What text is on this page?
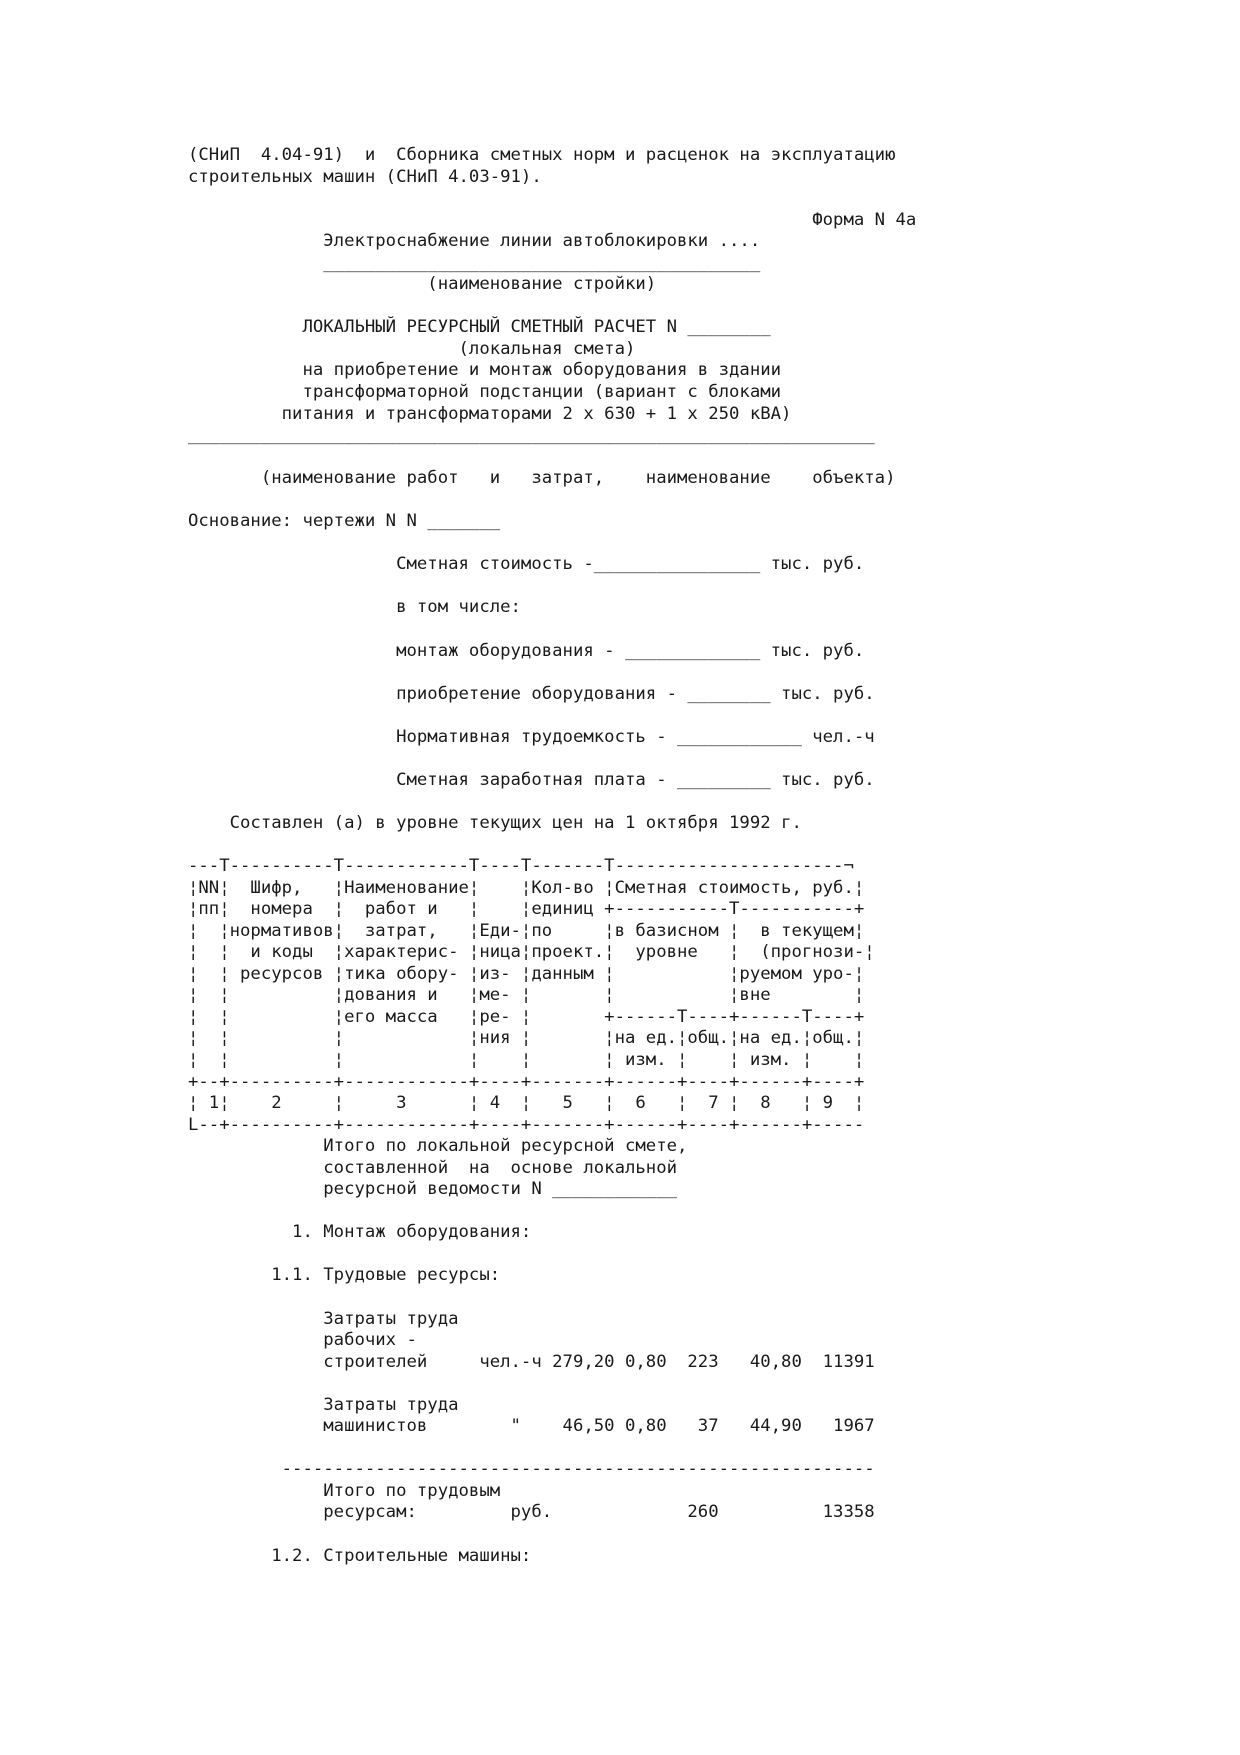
(СНиП  4.04-91)  и  Сборника сметных норм и расценок на эксплуатацию
строительных машин (СНиП 4.03-91).

Форма N 4a
Электроснабжение линии автоблокировки ....
__________________________________________
(наименование стройки)

ЛОКАЛЬНЫЙ РЕСУРСНЫЙ СМЕТНЫЙ РАСЧЕТ N ________
(локальная смета)
на приобретение и монтаж оборудования в здании
трансформаторной подстанции (вариант с блоками
питания и трансформаторами 2 х 630 + 1 х 250 кВА)
__________________________________________________________________

(наименование работ   и   затрат,    наименование    объекта)

Основание: чертежи N N _______

Сметная стоимость -________________ тыс. руб.

в том числе:

монтаж оборудования - _____________ тыс. руб.

приобретение оборудования - ________ тыс. руб.

Нормативная трудоемкость - ____________ чел.-ч

Сметная заработная плата - _________ тыс. руб.

Составлен (а) в уровне текущих цен на 1 октября 1992 г.

---T----------T------------T----T-------T----------------------¬
¦NN¦  Шифр,   ¦Наименование¦    ¦Кол-во ¦Сметная стоимость, руб.¦
¦пп¦  номера  ¦  работ и   ¦    ¦единиц +-----------T-----------+
¦  ¦нормативов¦  затрат,   ¦Еди-¦по     ¦в базисном ¦  в текущем¦
¦  ¦  и коды  ¦характерис- ¦ница¦проект.¦  уровне   ¦  (прогнози-¦
¦  ¦ ресурсов ¦тика обору- ¦из- ¦данным ¦           ¦руемом уро-¦
¦  ¦          ¦дования и   ¦ме- ¦       ¦           ¦вне        ¦
¦  ¦          ¦его масса   ¦ре- ¦       +------T----+------T----+
¦  ¦          ¦            ¦ния ¦       ¦на ед.¦общ.¦на ед.¦общ.¦
¦  ¦          ¦            ¦    ¦       ¦ изм. ¦    ¦ изм. ¦    ¦
+--+----------+------------+----+-------+------+----+------+----+
¦ 1¦    2     ¦     3      ¦ 4  ¦   5   ¦  6   ¦  7 ¦  8   ¦ 9  ¦
L--+----------+------------+----+-------+------+----+------+-----
Итого по локальной ресурсной смете,
составленной  на  основе локальной
ресурсной ведомости N ____________

1. Монтаж оборудования:

1.1. Трудовые ресурсы:

Затраты труда
рабочих -
строителей     чел.-ч 279,20 0,80  223   40,80  11391

Затраты труда
машинистов        "    46,50 0,80   37   44,90   1967

---------------------------------------------------------
Итого по трудовым
ресурсам:         руб.             260          13358

1.2. Строительные машины:
